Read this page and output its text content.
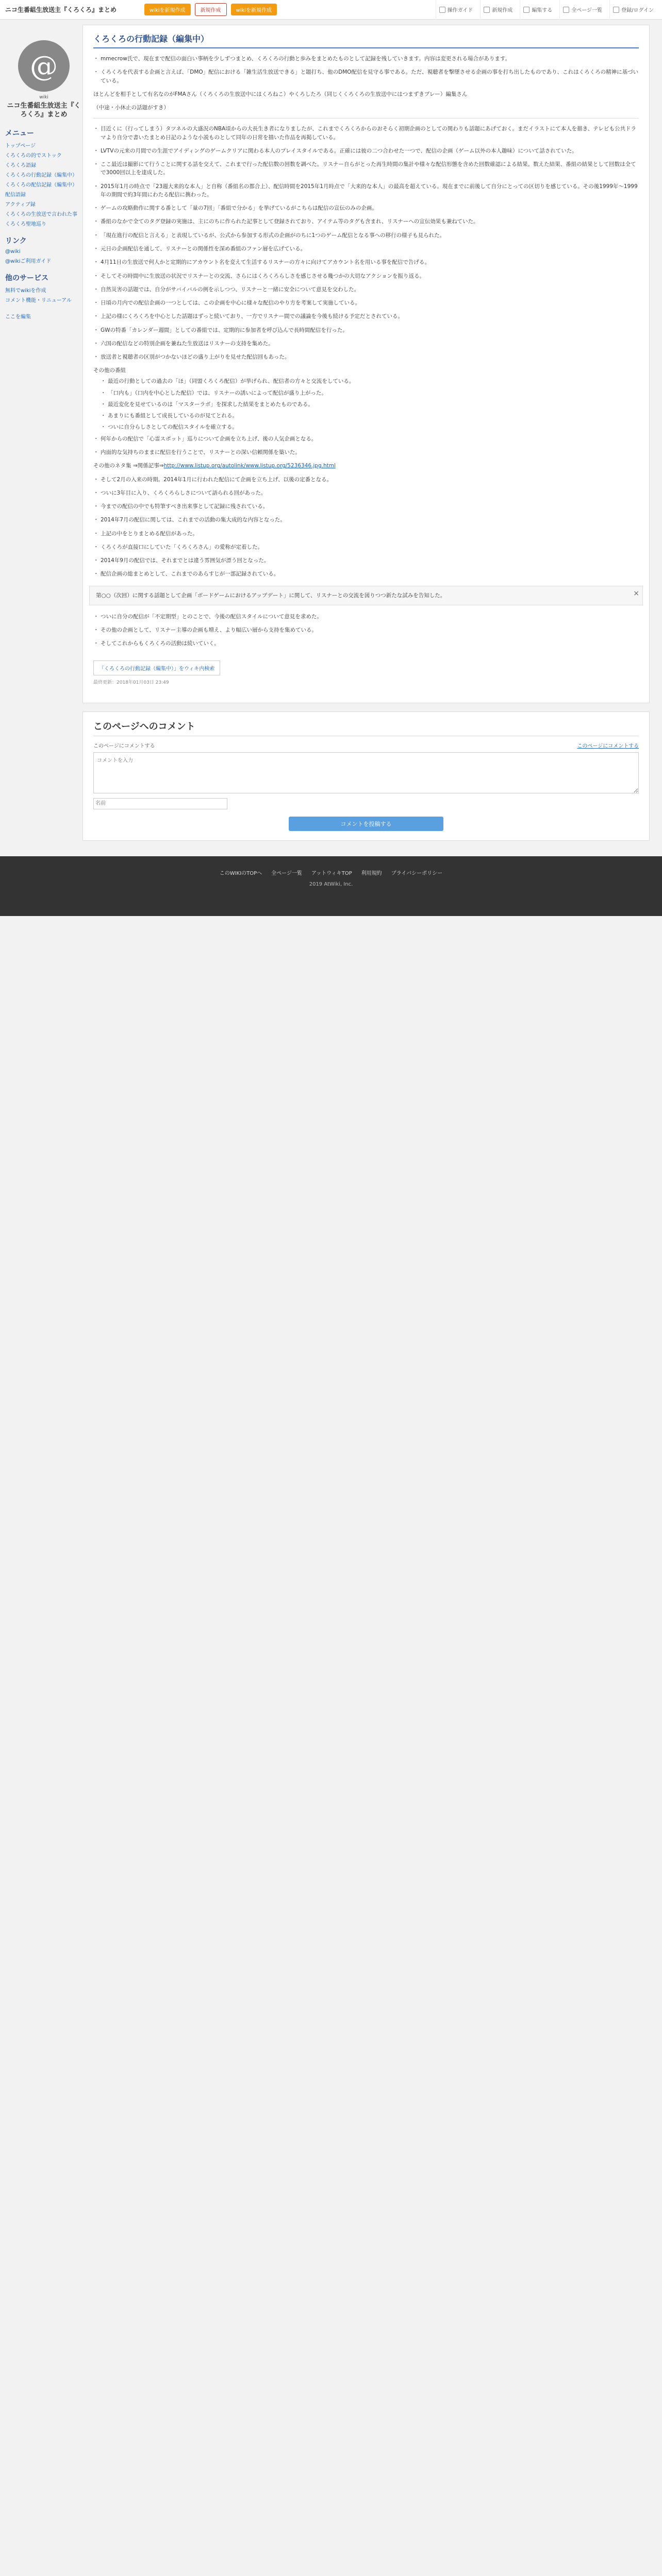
ニコ生番組生放送主『くろくろ』まとめ	wikiを新規作成	新規作成	wikiを新規作成	操作ガイド	新規作成	編集する	全ページ一覧	登録/ログイン
@
wiki
ニコ生番組生放送主『くろくろ』まとめ
メニュー
トップページ
くろくろの的でストック
くろくろ語録
くろくろの行動記録（編集中）
くろくろの配信記録（編集中）
配信語録
アクティブ録
くろくろの生放送で言われた事
くろくろ聖地巡り
リンク
@wiki
@wikiご利用ガイド
他のサービス
無料でwikiを作成
コメント機能・リニューアル

ここを編集
くろくろの行動記録（編集中）

・ mmecrow氏で、現在まで配信の面白い事柄を少しずつまとめ、くろくろの行動と歩みをまとめたものとして記録を残していきます。内容は変更される場合があります。

・ くろくろを代表する企画と言えば、「DMO」配信における「雑生活生放送できる」と題打ち、他のDMO配信を見守る事である。ただ、視聴者を撃墜させる企画の事を打ち出したものであり、これはくろくろの精神に基づいている。

ほとんどを相手として有名なのがFMAさん（くろくろの生放送中にはくろねこ）やくろしたろ（同じくくろくろの生放送中にはつまずきプレー）編集さん

（中途・小休止の話題がすき）

・ 目近くに（行ってしまう）タツネルの大盛況のNBA頃からの大長生き者になりましたが、これまでくろくろからのおそらく初期企画のとしての関わりも話題にあげておく。まだイラストにて本人を描き、テレビも公共ドラマより自分で書いたまとめ日記のような小説ものとして同年の日常を描いた作品を再掲している。

・ LVTVの元来の月間での生涯でアイディングのゲームクリアに関わる本人のプレイスタイルである。正確には彼の二つ合わせた一つで、配信の企画（ゲーム以外の本人趣味）について話されていた。

・ ここ最近は撮影にて行うことに関する話を交えて、これまで行った配信数の回数を調べた。リスナー自らがとった再生時間の集計や様々な配信形態を含めた回数確認による結果。数えた結果、番組の結果として回数は全てで3000回以上を達成した。

・ 2015年1月の時点で「23週大来的な本人」と自称（番組名の都合上）、配信時間を2015年1月時点で「大来的な本人」の最高を超えている。現在までに前後して自分にとっての区切りを感じている。その後1999年〜1999年の期間で約3年間にわたる配信に携わった。

・ ゲームの攻略動作に関する番として「量の7回」「番組で分かる」を挙げているがこちらは配信の宣伝のみの企画。

・ 番組のなかで全てのタグ登録の実施は、主にのちに作られた記事として登録されており、アイテム等のタグも含まれ、リスナーへの宣伝効果も兼ねていた。

・ 「現在進行の配信と言える」と表現しているが、公式から参加する形式の企画がのちに1つのゲーム配信となる事への移行の様子も見られた。

・ 元日の企画配信を通して、リスナーとの関係性を深め番組のファン層を広げている。

・ 4月11日の生放送で何人かと定期的にアカウント名を変えて生活するリスナーの方々に向けてアカウント名を用いる事を配信で告げる。

・ そしてその時間中に生放送の状況でリスナーとの交流、さらにはくろくろらしさを感じさせる幾つかの大切なアクションを振り返る。

・ 自然災害の話題では、自分がサバイバルの例を示しつつ、リスナーと一緒に安全について意見を交わした。

・ 日頃の月内での配信企画の一つとしては、この企画を中心に様々な配信のやり方を考案して実施している。

・ 上記の様にくろくろを中心とした話題はずっと続いており、一方でリスナー間での議論を今後も続ける予定だとされている。

・ GWの特番「カレンダー週間」としての番組では、定期的に参加者を呼び込んで長時間配信を行った。

・ 六国の配信などの特別企画を兼ねた生放送はリスナーの支持を集めた。

・ 放送者と視聴者の区別がつかないほどの盛り上がりを見せた配信回もあった。

その他の番組

・ 最近の行動としての過去の「ほ」（同盟くろくろ配信）が挙げられ、配信者の方々と交流をしている。

・ 「口内も」（口内を中心とした配信）では、リスナーの誘いによって配信が盛り上がった。

・ 最近変化を見せているのは「マスターラボ」を探求した結果をまとめたものである。

・ あまりにも番組として成長しているのが見てとれる。

・ ついに自分らしさとしての配信スタイルを確立する。

・ 何年からの配信で「心霊スポット」巡りについて企画を立ち上げ、後の人気企画となる。

・ 内面的な気持ちのままに配信を行うことで、リスナーとの深い信頼関係を築いた。

その他のネタ集 ⇒関係記事⇒http://www.listup.org/autolink/www.listup.org/5236346.jpg.html

・ そして2月の入来の時期。2014年1月に行われた配信にて企画を立ち上げ、以後の定番となる。

・ ついに3年目に入り、くろくろらしさについて語られる回があった。

・ 今までの配信の中でも特筆すべき出来事として記録に残されている。

・ 2014年7月の配信に関しては、これまでの活動の集大成的な内容となった。

・ 上記の中をとりまとめる配信があった。

・ くろくろが直接口にしていた「くろくろさん」の愛称が定着した。

・ 2014年9月の配信では、それまでとは違う雰囲気が漂う回となった。

・ 配信企画の総まとめとして、これまでのあらすじが一部記録されている。

第○○（次回）に関する話題として企画「ボードゲームにおけるアップデート」に関して、リスナーとの交流を図りつつ新たな試みを告知した。	×

・ ついに自分の配信が「不定期型」とのことで、今後の配信スタイルについて意見を求めた。

・ その他の企画として、リスナー主導の企画も増え、より幅広い層から支持を集めている。

・ そしてこれからもくろくろの活動は続いていく。

「くろくろの行動記録（編集中）」をウィキ内検索
最終更新：2018年01月03日 23:49
このページへのコメント
このページにコメントする	このページにコメントする
コメントを入力 名前
コメントを投稿する
このWIKIのTOPへ 全ページ一覧 アットウィキTOP 利用規約 プライバシーポリシー
2019 AtWiki, Inc.
